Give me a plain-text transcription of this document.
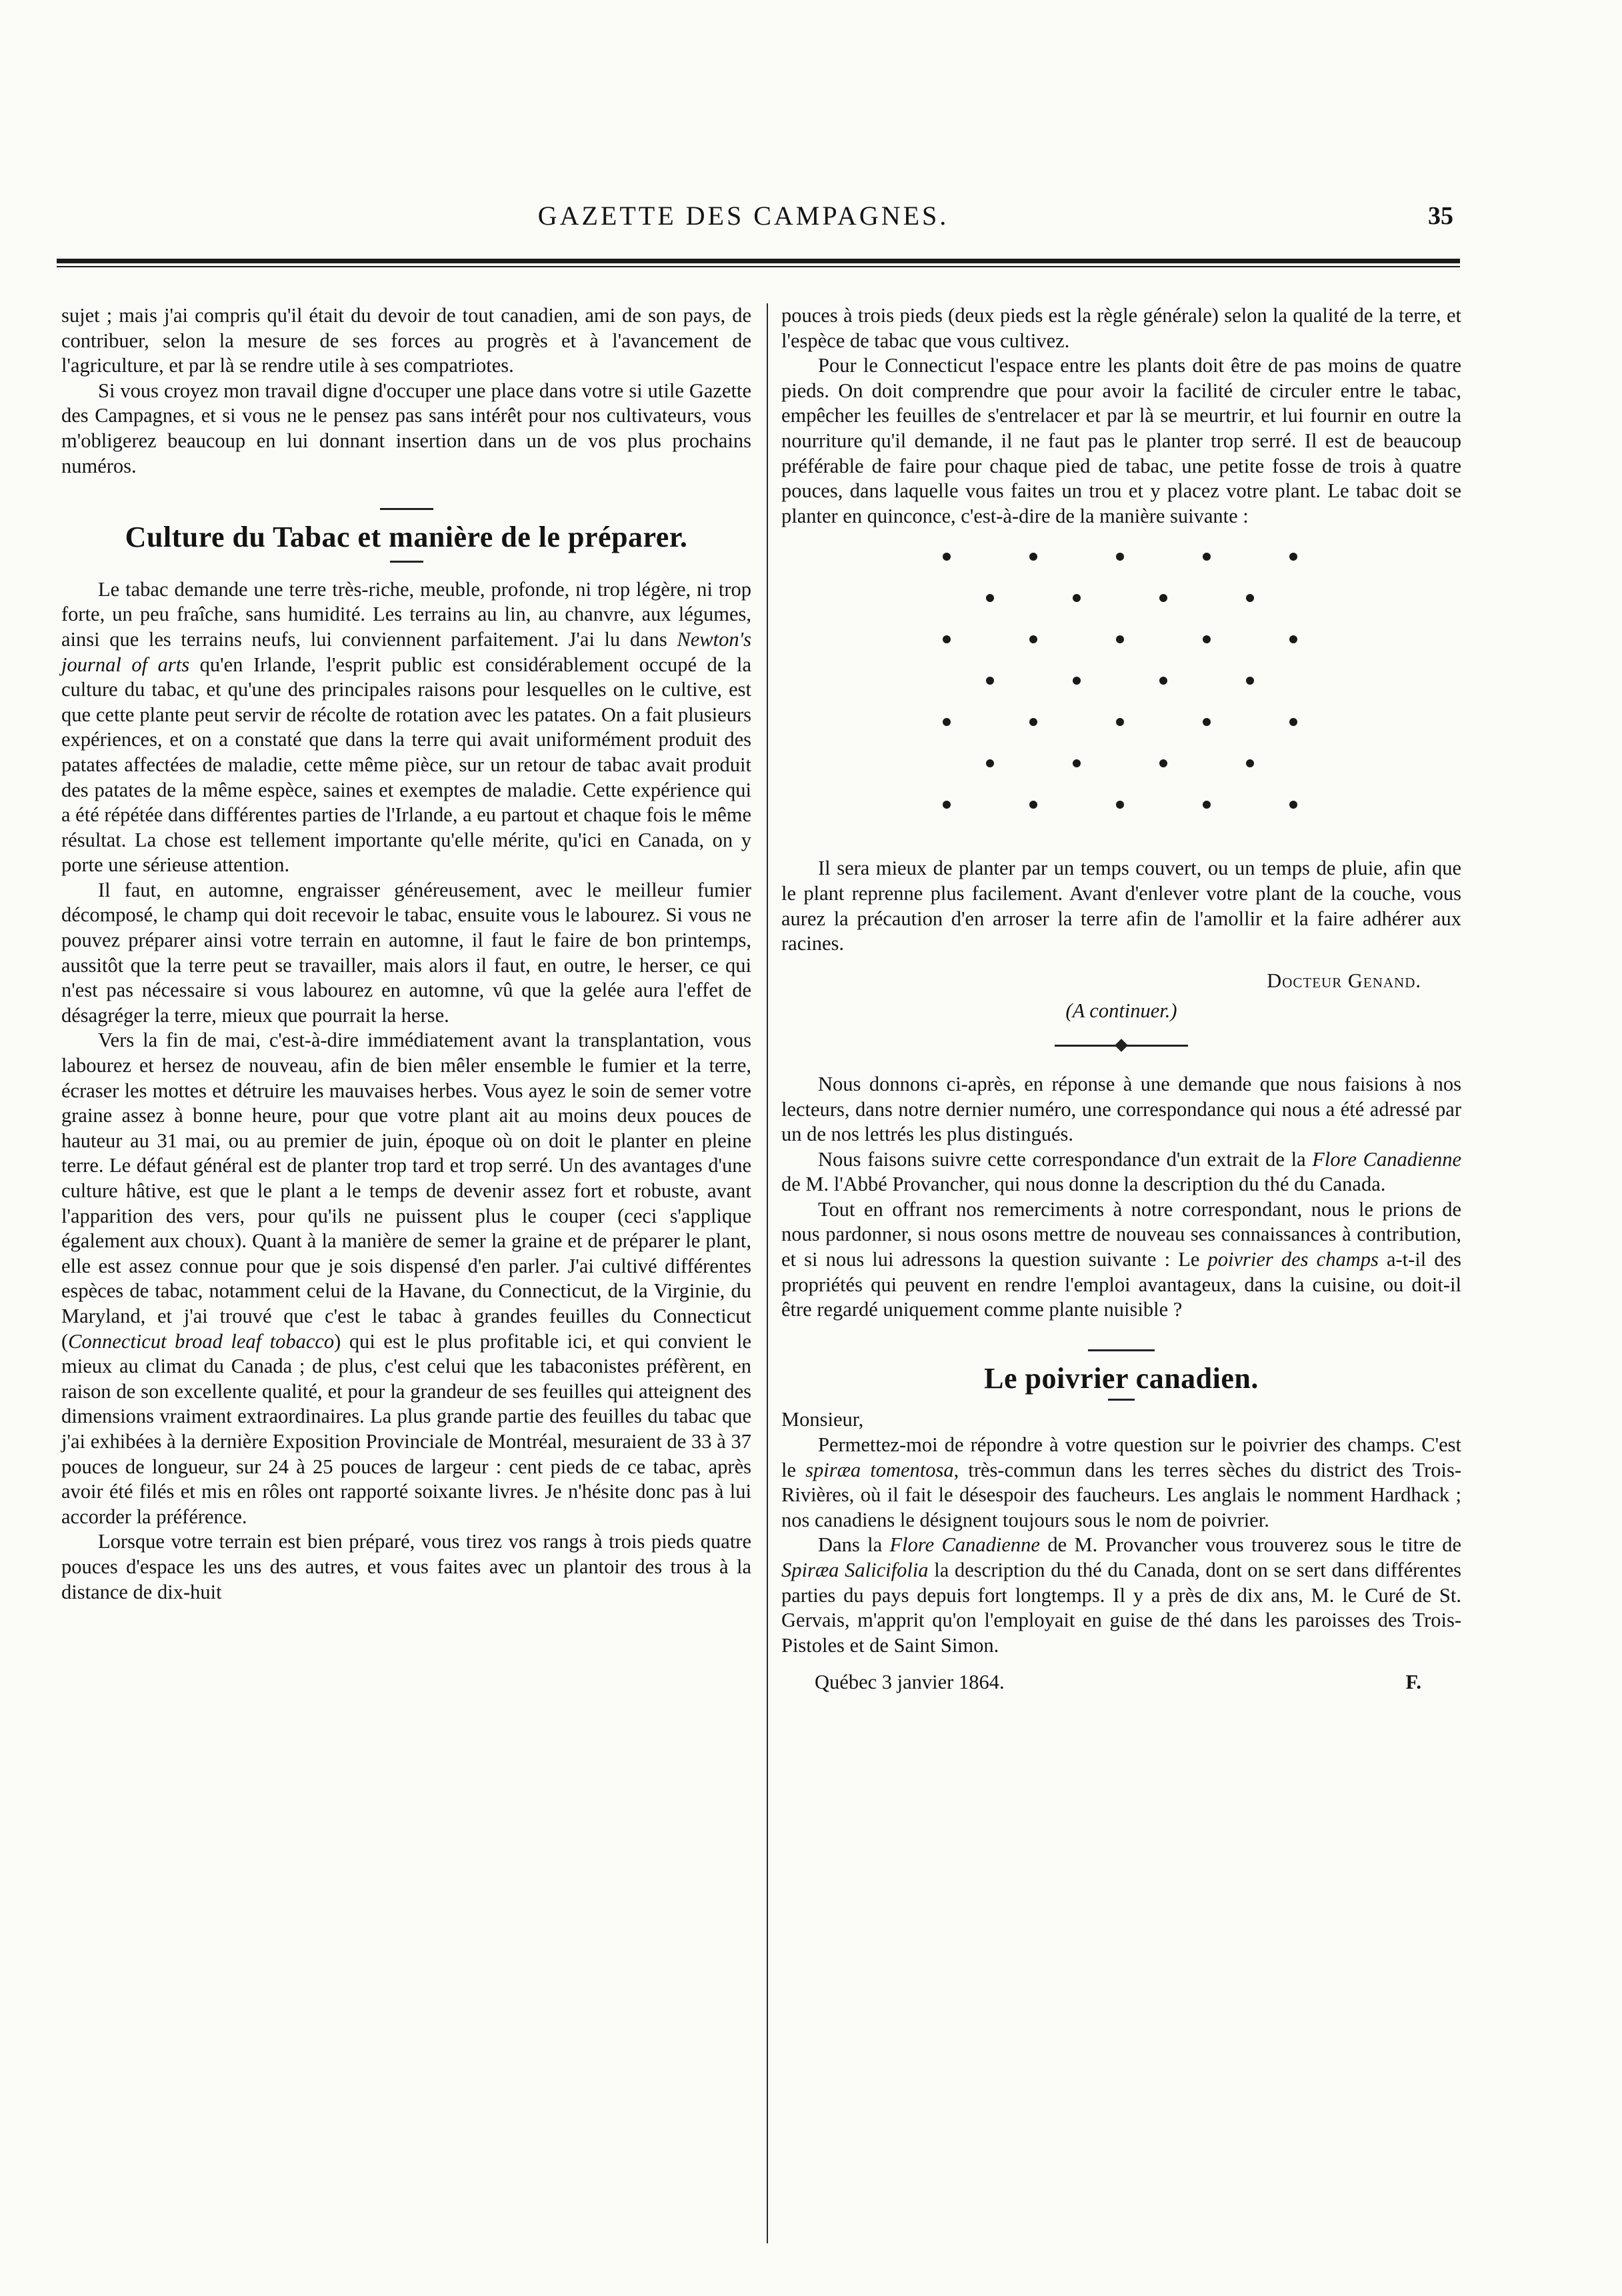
GAZETTE DES CAMPAGNES.	35

sujet ; mais j'ai compris qu'il était du devoir de tout canadien, ami de son pays, de contribuer, selon la mesure de ses forces au progrès et à l'avancement de l'agriculture, et par là se rendre utile à ses compatriotes.

Si vous croyez mon travail digne d'occuper une place dans votre si utile Gazette des Campagnes, et si vous ne le pensez pas sans intérêt pour nos cultivateurs, vous m'obligerez beaucoup en lui donnant insertion dans un de vos plus prochains numéros.

Culture du Tabac et manière de le préparer.

Le tabac demande une terre très-riche, meuble, profonde, ni trop légère, ni trop forte, un peu fraîche, sans humidité. Les terrains au lin, au chanvre, aux légumes, ainsi que les terrains neufs, lui conviennent parfaitement. J'ai lu dans Newton's journal of arts qu'en Irlande, l'esprit public est considérablement occupé de la culture du tabac, et qu'une des principales raisons pour lesquelles on le cultive, est que cette plante peut servir de récolte de rotation avec les patates. On a fait plusieurs expériences, et on a constaté que dans la terre qui avait uniformément produit des patates affectées de maladie, cette même pièce, sur un retour de tabac avait produit des patates de la même espèce, saines et exemptes de maladie. Cette expérience qui a été répétée dans différentes parties de l'Irlande, a eu partout et chaque fois le même résultat. La chose est tellement importante qu'elle mérite, qu'ici en Canada, on y porte une sérieuse attention.

Il faut, en automne, engraisser généreusement, avec le meilleur fumier décomposé, le champ qui doit recevoir le tabac, ensuite vous le labourez. Si vous ne pouvez préparer ainsi votre terrain en automne, il faut le faire de bon printemps, aussitôt que la terre peut se travailler, mais alors il faut, en outre, le herser, ce qui n'est pas nécessaire si vous labourez en automne, vû que la gelée aura l'effet de désagréger la terre, mieux que pourrait la herse.

Vers la fin de mai, c'est-à-dire immédiatement avant la transplantation, vous labourez et hersez de nouveau, afin de bien mêler ensemble le fumier et la terre, écraser les mottes et détruire les mauvaises herbes. Vous ayez le soin de semer votre graine assez à bonne heure, pour que votre plant ait au moins deux pouces de hauteur au 31 mai, ou au premier de juin, époque où on doit le planter en pleine terre. Le défaut général est de planter trop tard et trop serré. Un des avantages d'une culture hâtive, est que le plant a le temps de devenir assez fort et robuste, avant l'apparition des vers, pour qu'ils ne puissent plus le couper (ceci s'applique également aux choux). Quant à la manière de semer la graine et de préparer le plant, elle est assez connue pour que je sois dispensé d'en parler. J'ai cultivé différentes espèces de tabac, notamment celui de la Havane, du Connecticut, de la Virginie, du Maryland, et j'ai trouvé que c'est le tabac à grandes feuilles du Connecticut (Connecticut broad leaf tobacco) qui est le plus profitable ici, et qui convient le mieux au climat du Canada ; de plus, c'est celui que les tabaconistes préfèrent, en raison de son excellente qualité, et pour la grandeur de ses feuilles qui atteignent des dimensions vraiment extraordinaires. La plus grande partie des feuilles du tabac que j'ai exhibées à la dernière Exposition Provinciale de Montréal, mesuraient de 33 à 37 pouces de longueur, sur 24 à 25 pouces de largeur : cent pieds de ce tabac, après avoir été filés et mis en rôles ont rapporté soixante livres. Je n'hésite donc pas à lui accorder la préférence.

Lorsque votre terrain est bien préparé, vous tirez vos rangs à trois pieds quatre pouces d'espace les uns des autres, et vous faites avec un plantoir des trous à la distance de dix-huit

pouces à trois pieds (deux pieds est la règle générale) selon la qualité de la terre, et l'espèce de tabac que vous cultivez.

Pour le Connecticut l'espace entre les plants doit être de pas moins de quatre pieds. On doit comprendre que pour avoir la facilité de circuler entre le tabac, empêcher les feuilles de s'entrelacer et par là se meurtrir, et lui fournir en outre la nourriture qu'il demande, il ne faut pas le planter trop serré. Il est de beaucoup préférable de faire pour chaque pied de tabac, une petite fosse de trois à quatre pouces, dans laquelle vous faites un trou et y placez votre plant. Le tabac doit se planter en quinconce, c'est-à-dire de la manière suivante :

Il sera mieux de planter par un temps couvert, ou un temps de pluie, afin que le plant reprenne plus facilement. Avant d'enlever votre plant de la couche, vous aurez la précaution d'en arroser la terre afin de l'amollir et la faire adhérer aux racines.

Docteur Genand.
(A continuer.)

Nous donnons ci-après, en réponse à une demande que nous faisions à nos lecteurs, dans notre dernier numéro, une correspondance qui nous a été adressé par un de nos lettrés les plus distingués.

Nous faisons suivre cette correspondance d'un extrait de la Flore Canadienne de M. l'Abbé Provancher, qui nous donne la description du thé du Canada.

Tout en offrant nos remerciments à notre correspondant, nous le prions de nous pardonner, si nous osons mettre de nouveau ses connaissances à contribution, et si nous lui adressons la question suivante : Le poivrier des champs a-t-il des propriétés qui peuvent en rendre l'emploi avantageux, dans la cuisine, ou doit-il être regardé uniquement comme plante nuisible ?

Le poivrier canadien.

Monsieur,

Permettez-moi de répondre à votre question sur le poivrier des champs. C'est le spiræa tomentosa, très-commun dans les terres sèches du district des Trois-Rivières, où il fait le désespoir des faucheurs. Les anglais le nomment Hardhack ; nos canadiens le désignent toujours sous le nom de poivrier.

Dans la Flore Canadienne de M. Provancher vous trouverez sous le titre de Spiræa Salicifolia la description du thé du Canada, dont on se sert dans différentes parties du pays depuis fort longtemps. Il y a près de dix ans, M. le Curé de St. Gervais, m'apprit qu'on l'employait en guise de thé dans les paroisses des Trois-Pistoles et de Saint Simon.

Québec 3 janvier 1864.	F.
